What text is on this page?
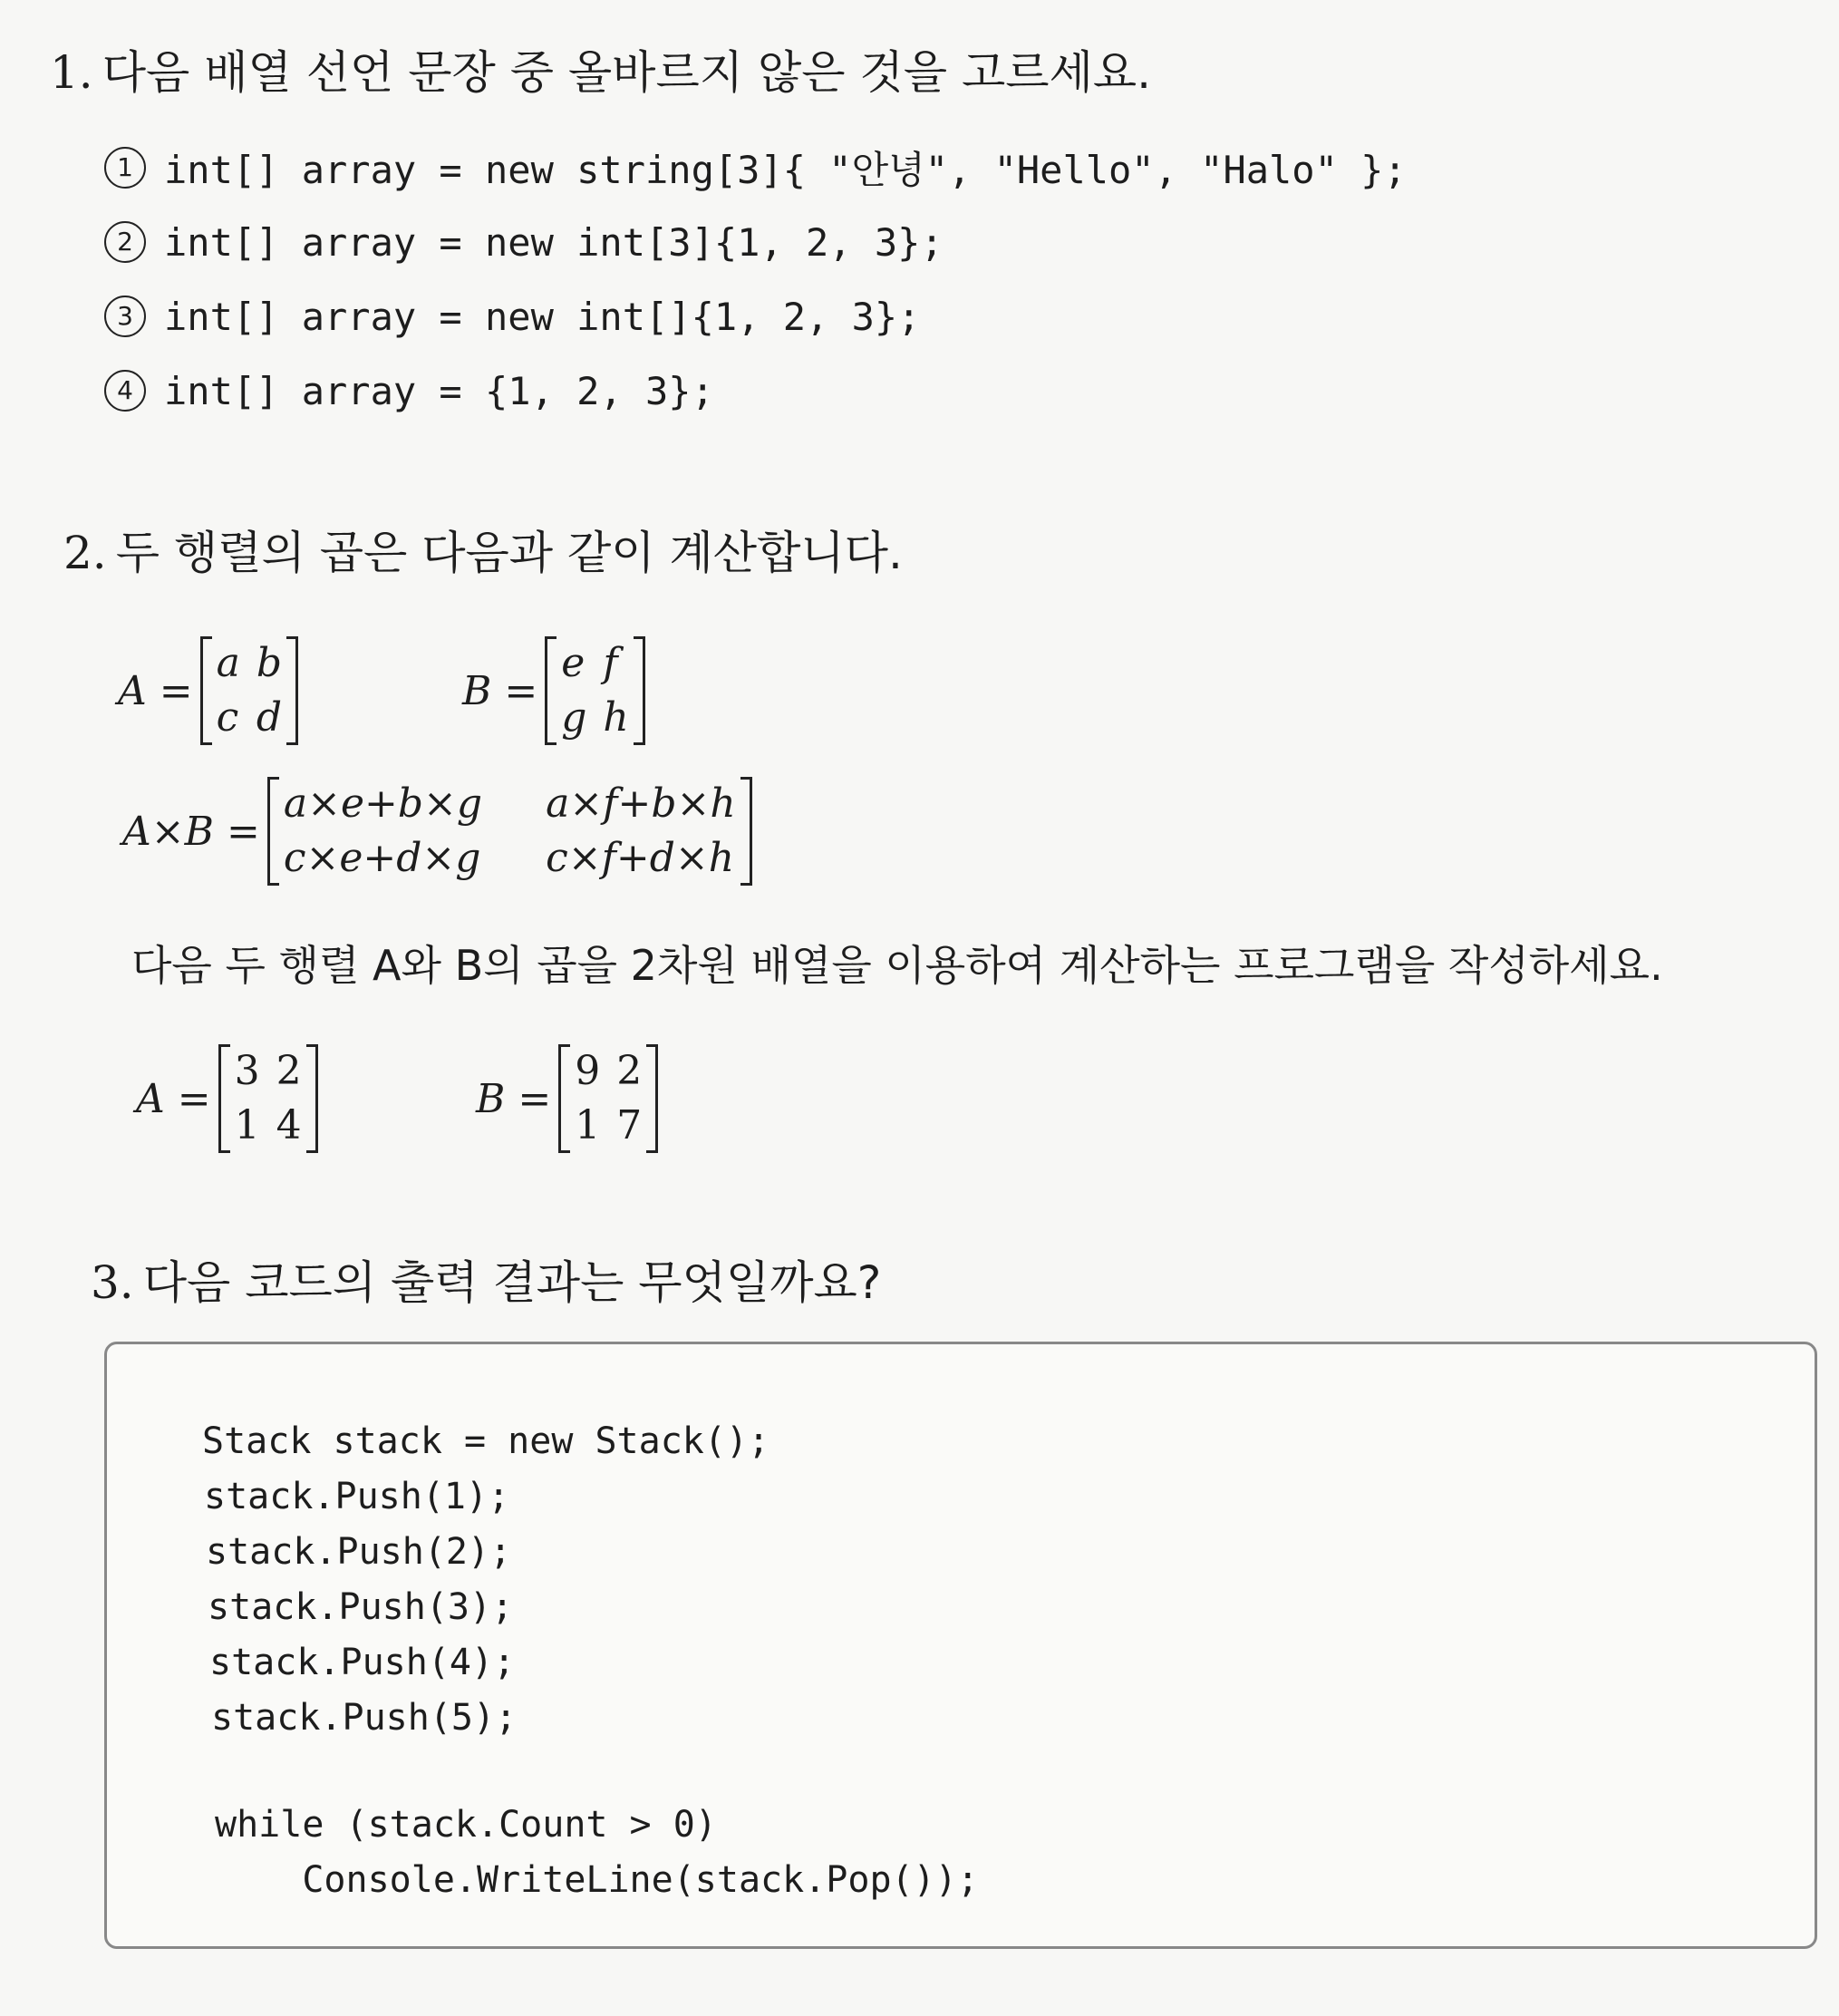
1. 다음 배열 선언 문장 중 올바르지 않은 것을 고르세요.
1 int[] array = new string[3]{ "안녕", "Hello", "Halo" };
2 int[] array = new int[3]{1, 2, 3};
3 int[] array = new int[]{1, 2, 3};
4 int[] array = {1, 2, 3};
2. 두 행렬의 곱은 다음과 같이 계산합니다.
A =
a b
c d
B =
e f
g h
A×B =
a×e+b×g a×f+b×h
c×e+d×g c×f+d×h
다음 두 행렬 A와 B의 곱을 2차원 배열을 이용하여 계산하는 프로그램을 작성하세요.
A =
3 2
1 4
B =
9 2
1 7
3. 다음 코드의 출력 결과는 무엇일까요?
Stack stack = new Stack();
stack.Push(1);
stack.Push(2);
stack.Push(3);
stack.Push(4);
stack.Push(5);
while (stack.Count > 0)
Console.WriteLine(stack.Pop());
